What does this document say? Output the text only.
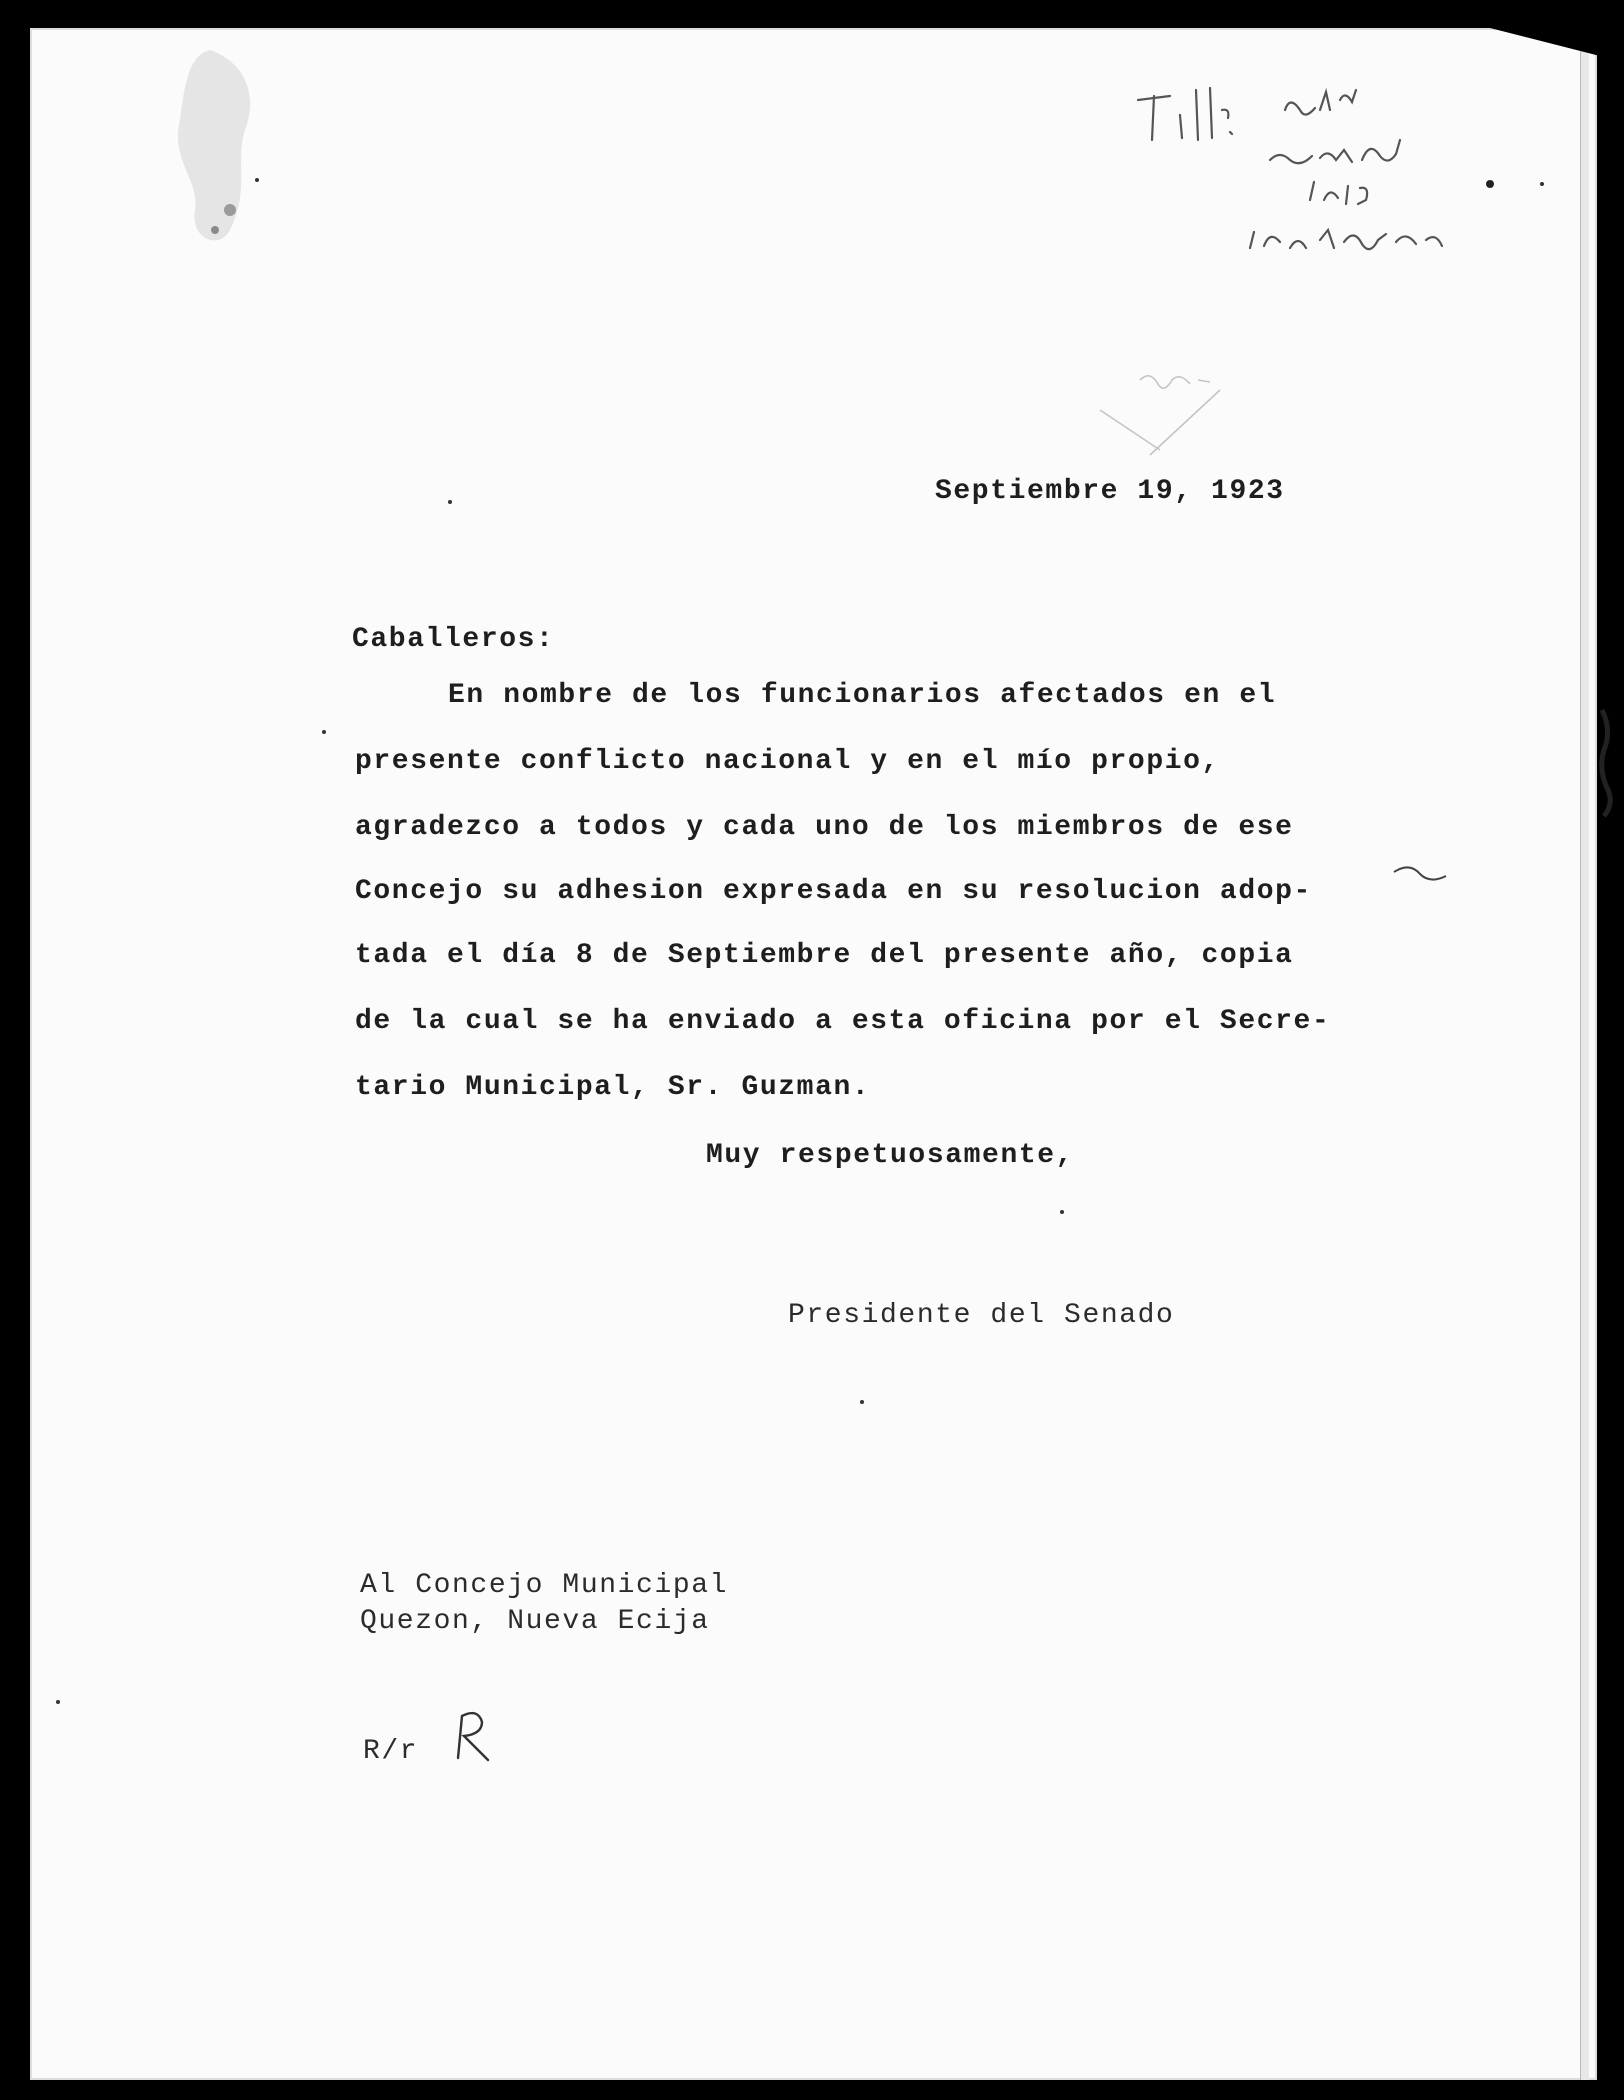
Septiembre 19, 1923
Caballeros:
En nombre de los funcionarios afectados en el
presente conflicto nacional y en el mío propio,
agradezco a todos y cada uno de los miembros de ese
Concejo su adhesion expresada en su resolucion adop-
tada el día 8 de Septiembre del presente año, copia
de la cual se ha enviado a esta oficina por el Secre-
tario Municipal, Sr. Guzman.
Muy respetuosamente,
Presidente del Senado
Al Concejo Municipal
Quezon, Nueva Ecija
R/r
